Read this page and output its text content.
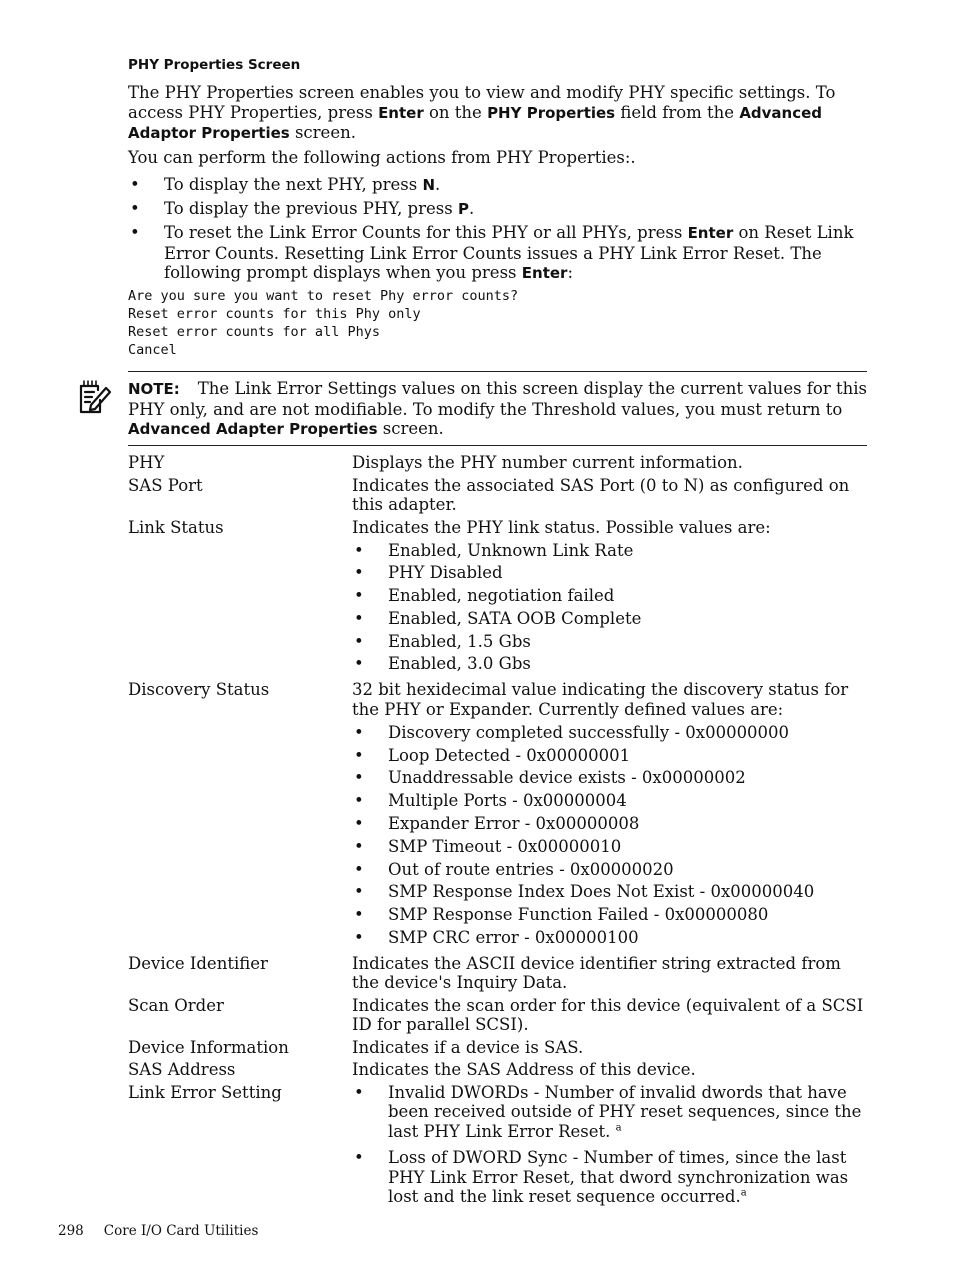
PHY Properties Screen

The PHY Properties screen enables you to view and modify PHY specific settings. To access PHY Properties, press Enter on the PHY Properties field from the Advanced Adaptor Properties screen.

You can perform the following actions from PHY Properties:.

• To display the next PHY, press N.
• To display the previous PHY, press P.
• To reset the Link Error Counts for this PHY or all PHYs, press Enter on Reset Link Error Counts. Resetting Link Error Counts issues a PHY Link Error Reset. The following prompt displays when you press Enter:
Are you sure you want to reset Phy error counts?
Reset error counts for this Phy only
Reset error counts for all Phys
Cancel
PHY	Displays the PHY number current information.
SAS Port	Indicates the associated SAS Port (0 to N) as configured on this adapter.
Link Status	Indicates the PHY link status. Possible values are:
• Enabled, Unknown Link Rate
• PHY Disabled
• Enabled, negotiation failed
• Enabled, SATA OOB Complete
• Enabled, 1.5 Gbs
• Enabled, 3.0 Gbs
Discovery Status	32 bit hexidecimal value indicating the discovery status for the PHY or Expander. Currently defined values are:
• Discovery completed successfully - 0x00000000
• Loop Detected - 0x00000001
• Unaddressable device exists - 0x00000002
• Multiple Ports - 0x00000004
• Expander Error - 0x00000008
• SMP Timeout - 0x00000010
• Out of route entries - 0x00000020
• SMP Response Index Does Not Exist - 0x00000040
• SMP Response Function Failed - 0x00000080
• SMP CRC error - 0x00000100
Device Identifier	Indicates the ASCII device identifier string extracted from the device's Inquiry Data.
Scan Order	Indicates the scan order for this device (equivalent of a SCSI ID for parallel SCSI).
Device Information	Indicates if a device is SAS.
SAS Address	Indicates the SAS Address of this device.
Link Error Setting
•	Invalid DWORDs - Number of invalid dwords that have been received outside of PHY reset sequences, since the last PHY Link Error Reset. $^a$
• Loss of DWORD Sync - Number of times, since the last PHY Link Error Reset, that dword synchronization was lost and the link reset sequence occurred.$^a$

NOTE: The Link Error Settings values on this screen display the current values for this PHY only, and are not modifiable. To modify the Threshold values, you must return to Advanced Adapter Properties screen.

298 Core I/O Card Utilities
